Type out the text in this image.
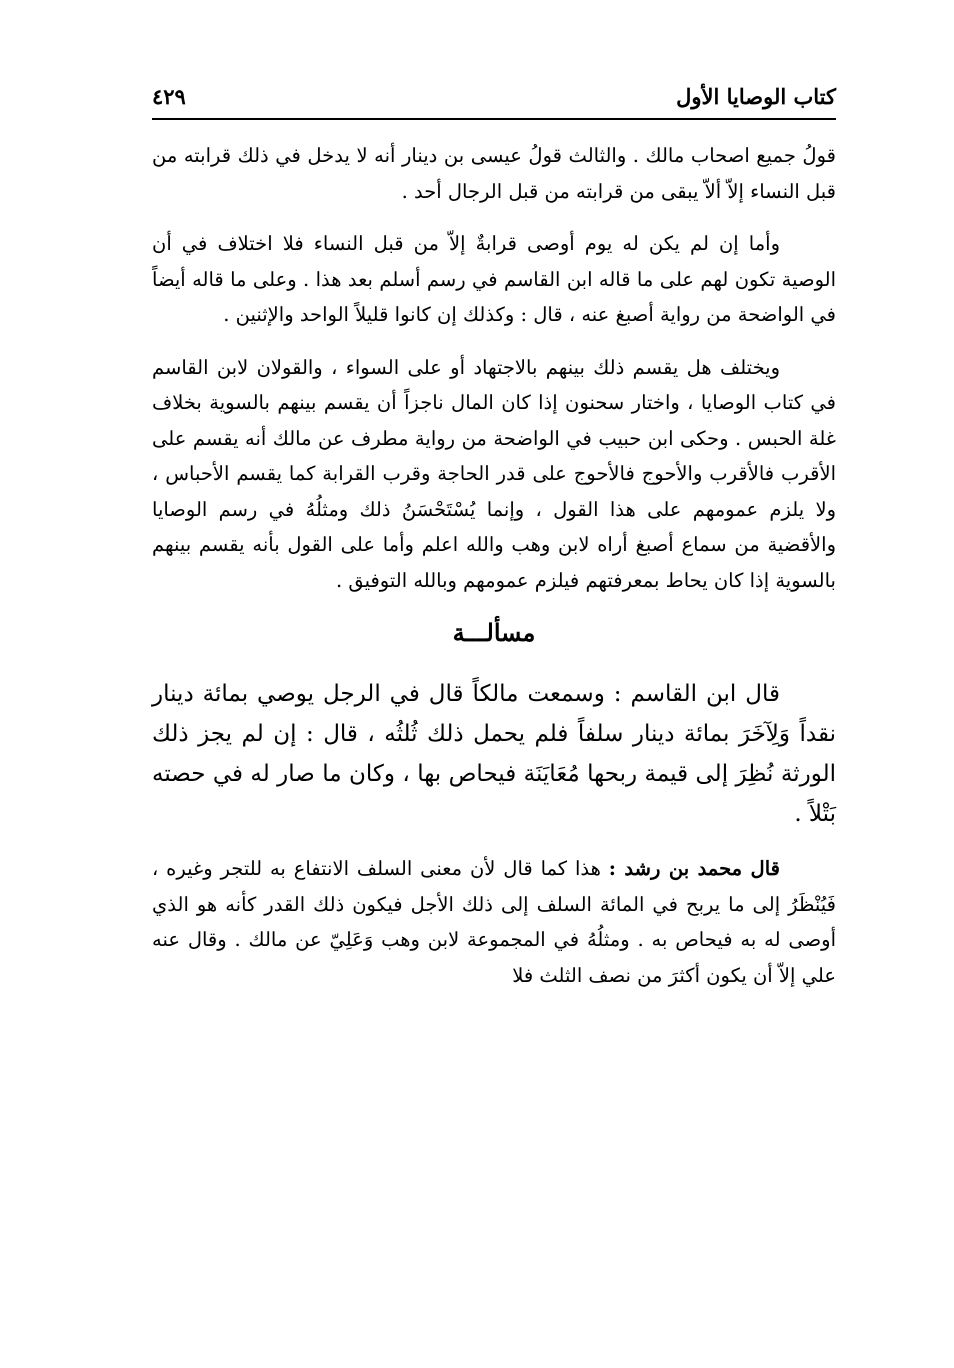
كتاب الوصايا الأول
٤٢٩

قولُ جميع اصحاب مالك . والثالث قولُ عيسى بن دينار أنه لا يدخل في ذلك قرابته من قبل النساء إلاّ ألاّ يبقى من قرابته من قبل الرجال أحد .

وأما إن لم يكن له يوم أوصى قرابةٌ إلاّ من قبل النساء فلا اختلاف في أن الوصية تكون لهم على ما قاله ابن القاسم في رسم أسلم بعد هذا . وعلى ما قاله أيضاً في الواضحة من رواية أصبغ عنه ، قال : وكذلك إن كانوا قليلاً الواحد والإثنين .

ويختلف هل يقسم ذلك بينهم بالاجتهاد أو على السواء ، والقولان لابن القاسم في كتاب الوصايا ، واختار سحنون إذا كان المال ناجزاً أن يقسم بينهم بالسوية بخلاف غلة الحبس . وحكى ابن حبيب في الواضحة من رواية مطرف عن مالك أنه يقسم على الأقرب فالأقرب والأحوج فالأحوج على قدر الحاجة وقرب القرابة كما يقسم الأحباس ، ولا يلزم عمومهم على هذا القول ، وإنما يُسْتَحْسَنُ ذلك ومثلُهُ في رسم الوصايا والأقضية من سماع أصبغ أراه لابن وهب والله اعلم وأما على القول بأنه يقسم بينهم بالسوية إذا كان يحاط بمعرفتهم فيلزم عمومهم وبالله التوفيق .

مسألـــة

قال ابن القاسم : وسمعت مالكاً قال في الرجل يوصي بمائة دينار نقداً وَلِآخَرَ بمائة دينار سلفاً فلم يحمل ذلك ثُلثُه ، قال : إن لم يجز ذلك الورثة نُظِرَ إلى قيمة ربحها مُعَايَنَة فيحاص بها ، وكان ما صار له في حصته بَتْلاً .

قال محمد بن رشد : هذا كما قال لأن معنى السلف الانتفاع به للتجر وغيره ، فَيُنْظَرُ إلى ما يربح في المائة السلف إلى ذلك الأجل فيكون ذلك القدر كأنه هو الذي أوصى له به فيحاص به . ومثلُهُ في المجموعة لابن وهب وَعَلِيّ عن مالك . وقال عنه علي إلاّ أن يكون أكثرَ من نصف الثلث فلا
